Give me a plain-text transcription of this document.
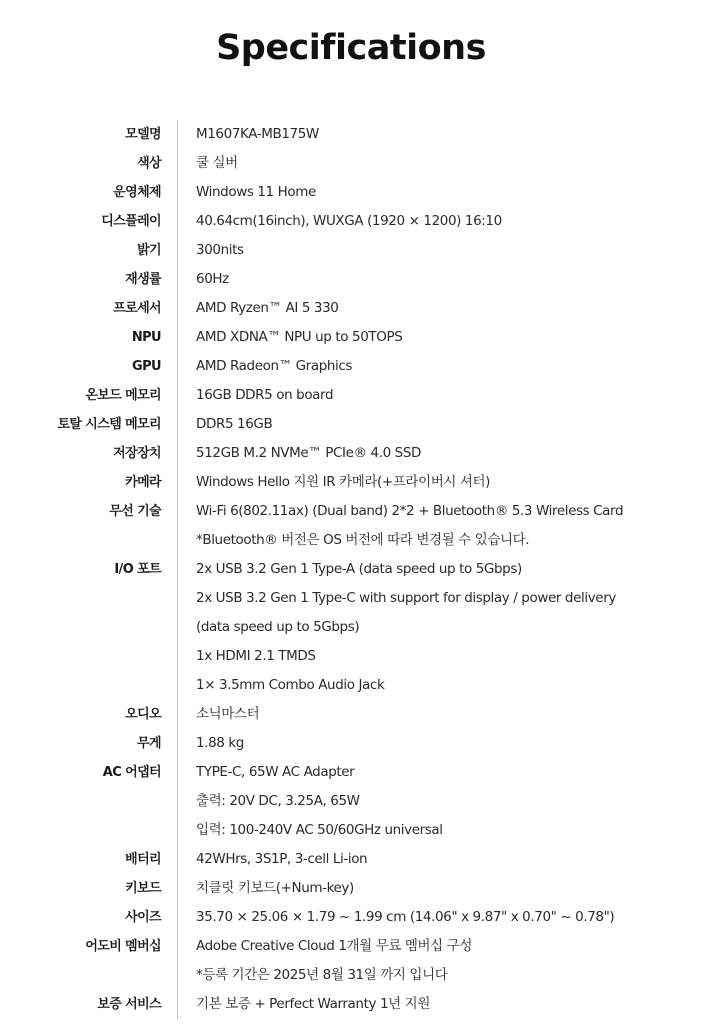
Specifications
모델명	M1607KA-MB175W
색상	쿨 실버
운영체제	Windows 11 Home
디스플레이	40.64cm(16inch), WUXGA (1920 × 1200) 16:10
밝기	300nits
재생률	60Hz
프로세서	AMD Ryzen™ AI 5 330
NPU	AMD XDNA™ NPU up to 50TOPS
GPU	AMD Radeon™ Graphics
온보드 메모리	16GB DDR5 on board
토탈 시스템 메모리	DDR5 16GB
저장장치	512GB M.2 NVMe™ PCIe® 4.0 SSD
카메라	Windows Hello 지원 IR 카메라(+프라이버시 셔터)
무선 기술	Wi-Fi 6(802.11ax) (Dual band) 2*2 + Bluetooth® 5.3 Wireless Card
*Bluetooth® 버전은 OS 버전에 따라 변경될 수 있습니다.
I/O 포트	2x USB 3.2 Gen 1 Type-A (data speed up to 5Gbps)
2x USB 3.2 Gen 1 Type-C with support for display / power delivery
(data speed up to 5Gbps)
1x HDMI 2.1 TMDS
1× 3.5mm Combo Audio Jack
오디오	소닉마스터
무게	1.88 kg
AC 어댑터	TYPE-C, 65W AC Adapter
출력: 20V DC, 3.25A, 65W
입력: 100-240V AC 50/60GHz universal
배터리	42WHrs, 3S1P, 3-cell Li-ion
키보드	치클릿 키보드(+Num-key)
사이즈	35.70 × 25.06 × 1.79 ~ 1.99 cm (14.06" x 9.87" x 0.70" ~ 0.78")
어도비 멤버십	Adobe Creative Cloud 1개월 무료 멤버십 구성
*등록 기간은 2025년 8월 31일 까지 입니다
보증 서비스	기본 보증 + Perfect Warranty 1년 지원
